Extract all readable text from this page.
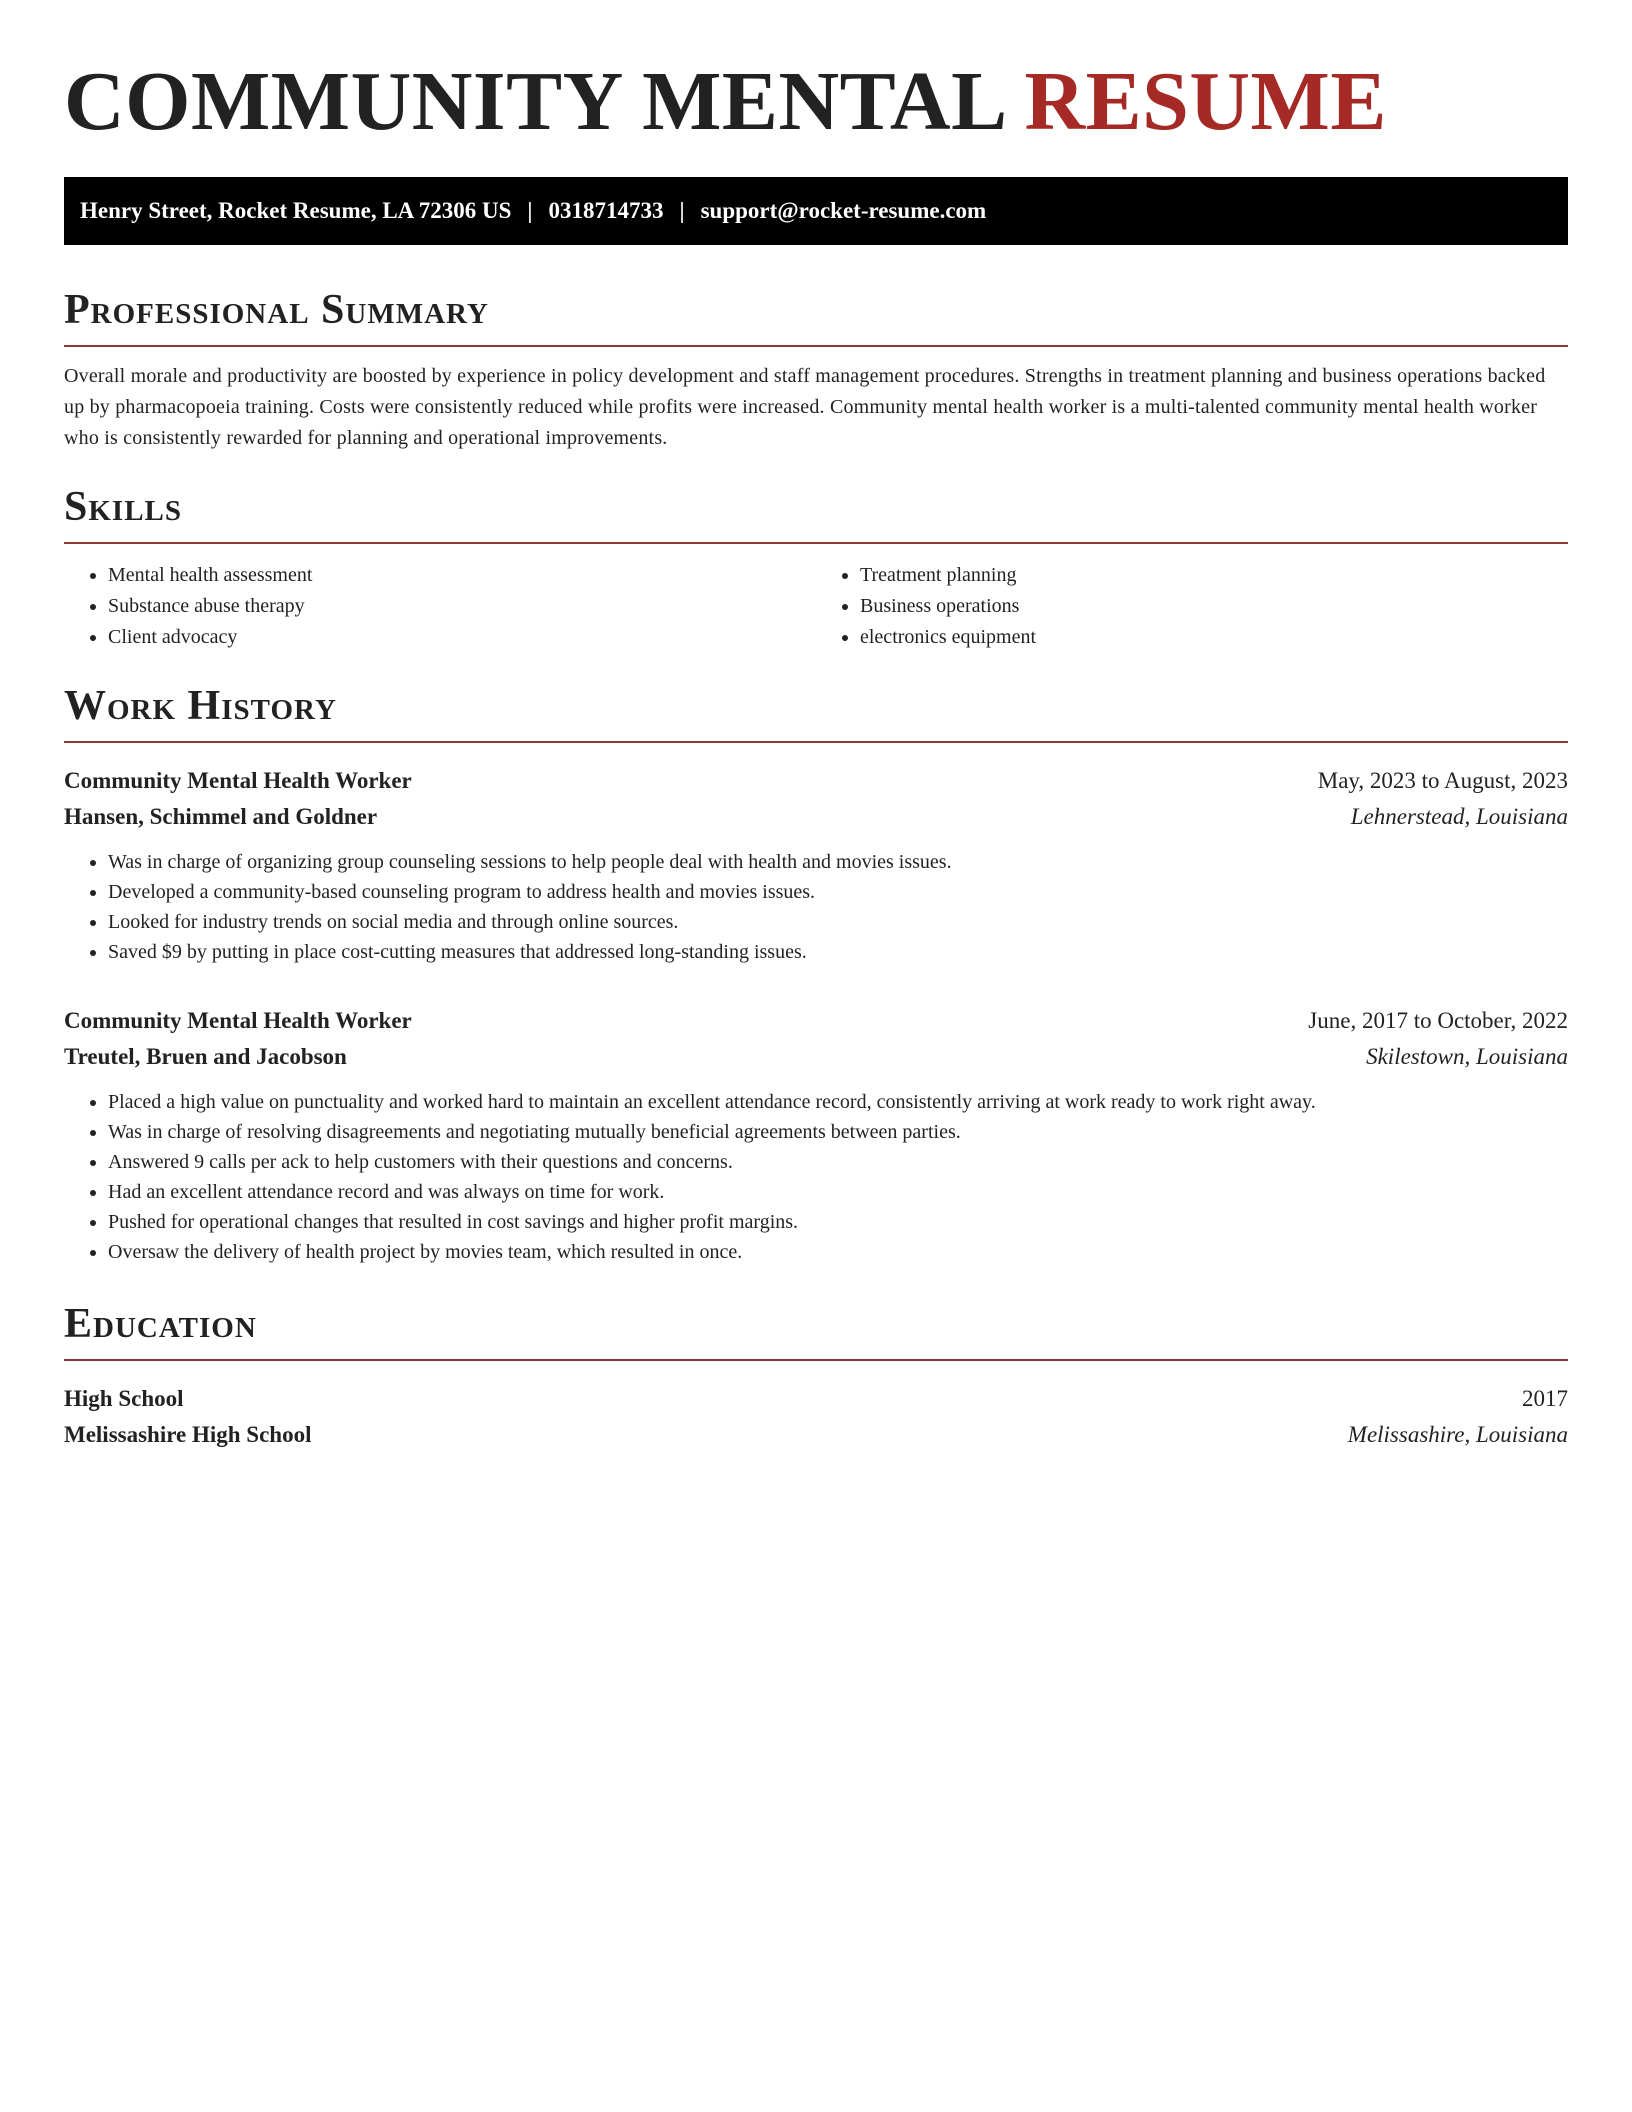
COMMUNITY MENTAL RESUME
Henry Street, Rocket Resume, LA 72306 US | 0318714733 | support@rocket-resume.com
Professional Summary

Overall morale and productivity are boosted by experience in policy development and staff management procedures. Strengths in treatment planning and business operations backed up by pharmacopoeia training. Costs were consistently reduced while profits were increased. Community mental health worker is a multi-talented community mental health worker who is consistently rewarded for planning and operational improvements.

Skills
• Mental health assessment
• Substance abuse therapy
• Client advocacy
• Treatment planning
• Business operations
• electronics equipment
Work History
Community Mental Health Worker	May, 2023 to August, 2023
Hansen, Schimmel and Goldner	Lehnerstead, Louisiana
• Was in charge of organizing group counseling sessions to help people deal with health and movies issues.
• Developed a community-based counseling program to address health and movies issues.
• Looked for industry trends on social media and through online sources.
• Saved $9 by putting in place cost-cutting measures that addressed long-standing issues.
Community Mental Health Worker	June, 2017 to October, 2022
Treutel, Bruen and Jacobson	Skilestown, Louisiana
• Placed a high value on punctuality and worked hard to maintain an excellent attendance record, consistently arriving at work ready to work right away.
• Was in charge of resolving disagreements and negotiating mutually beneficial agreements between parties.
• Answered 9 calls per ack to help customers with their questions and concerns.
• Had an excellent attendance record and was always on time for work.
• Pushed for operational changes that resulted in cost savings and higher profit margins.
• Oversaw the delivery of health project by movies team, which resulted in once.
Education
High School	2017
Melissashire High School	Melissashire, Louisiana
